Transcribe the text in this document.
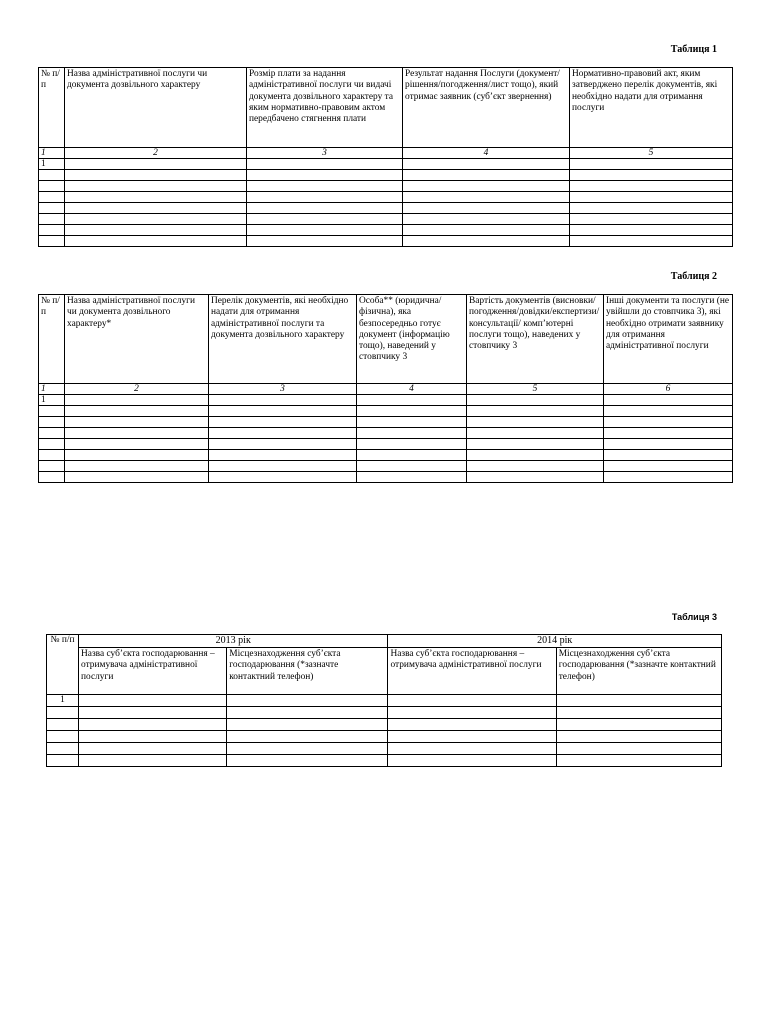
Таблиця 1
№ п/п	Назва адміністративної послуги чи документа дозвільного характеру	Розмір плати за надання адміністративної послуги чи видачі документа дозвільного характеру та яким нормативно-правовим актом передбачено стягнення плати	Результат надання Послуги (документ/рішення/погодження/лист тощо), який отримає заявник (суб’єкт звернення)	Нормативно-правовий акт, яким затверджено перелік документів, які необхідно надати для отримання послуги
1	2	3	4	5
1				

Таблиця 2
№ п/п	Назва адміністративної послуги чи документа дозвільного характеру*	Перелік документів, які необхідно надати для отримання адміністративної послуги та документа дозвільного характеру	Особа** (юридична/фізична), яка безпосередньо готує документ (інформацію тощо), наведений у стовпчику 3	Вартість документів (висновки/погодження/довідки/експертизи/консультації/ комп’ютерні послуги тощо), наведених у стовпчику 3	Інші документи та послуги (не увійшли до стовпчика 3), які необхідно отримати заявнику для отримання адміністративної послуги
1	2	3	4	5	6
1					

Таблиця 3
№ п/п	2013 рік		2014 рік	
	Назва суб’єкта господарювання – отримувача адміністративної послуги	Місцезнаходження суб’єкта господарювання (*зазначте контактний телефон)	Назва суб’єкта господарювання – отримувача адміністративної послуги	Місцезнаходження суб’єкта господарювання (*зазначте контактний телефон)
1				
